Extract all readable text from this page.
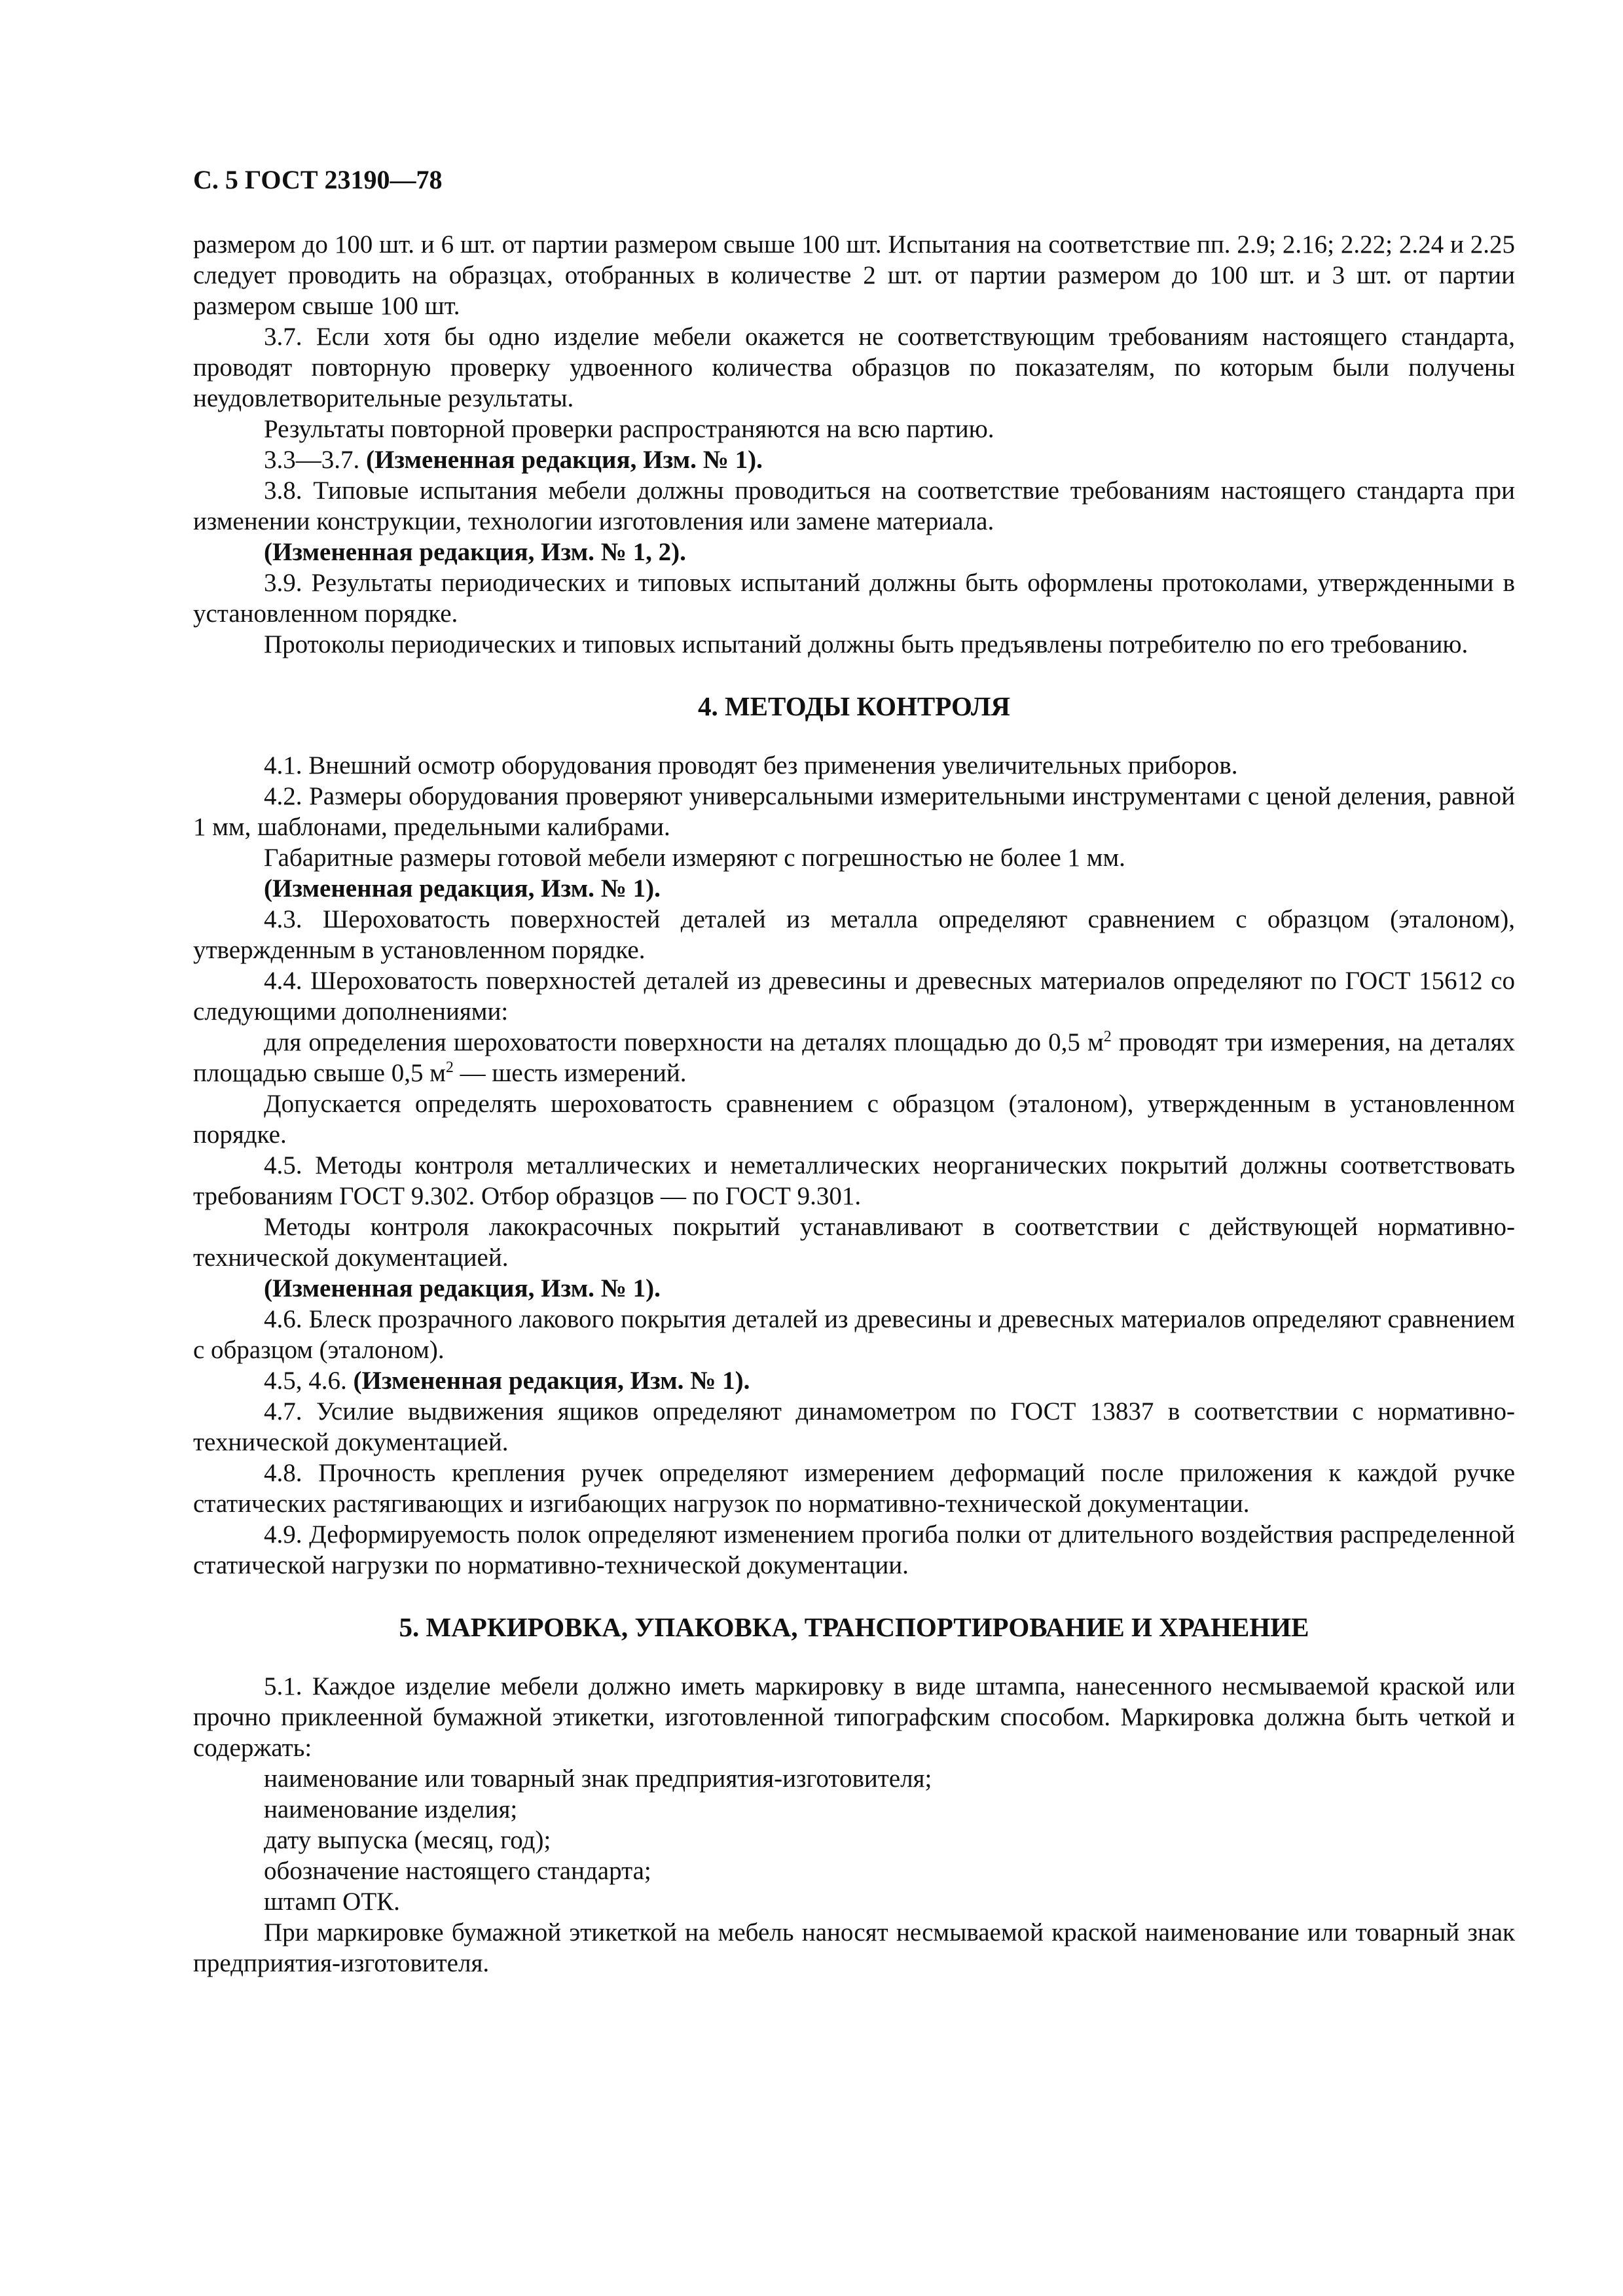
С. 5 ГОСТ 23190—78

размером до 100 шт. и 6 шт. от партии размером свыше 100 шт. Испытания на соответствие пп. 2.9; 2.16; 2.22; 2.24 и 2.25 следует проводить на образцах, отобранных в количестве 2 шт. от партии размером до 100 шт. и 3 шт. от партии размером свыше 100 шт.

3.7. Если хотя бы одно изделие мебели окажется не соответствующим требованиям настоящего стандарта, проводят повторную проверку удвоенного количества образцов по показателям, по которым были получены неудовлетворительные результаты.

Результаты повторной проверки распространяются на всю партию.

3.3—3.7. (Измененная редакция, Изм. № 1).

3.8. Типовые испытания мебели должны проводиться на соответствие требованиям настоящего стандарта при изменении конструкции, технологии изготовления или замене материала.

(Измененная редакция, Изм. № 1, 2).

3.9. Результаты периодических и типовых испытаний должны быть оформлены протоколами, утвержденными в установленном порядке.

Протоколы периодических и типовых испытаний должны быть предъявлены потребителю по его требованию.

4. МЕТОДЫ КОНТРОЛЯ

4.1. Внешний осмотр оборудования проводят без применения увеличительных приборов.

4.2. Размеры оборудования проверяют универсальными измерительными инструментами с ценой деления, равной 1 мм, шаблонами, предельными калибрами.

Габаритные размеры готовой мебели измеряют с погрешностью не более 1 мм.

(Измененная редакция, Изм. № 1).

4.3. Шероховатость поверхностей деталей из металла определяют сравнением с образцом (эталоном), утвержденным в установленном порядке.

4.4. Шероховатость поверхностей деталей из древесины и древесных материалов определяют по ГОСТ 15612 со следующими дополнениями:

для определения шероховатости поверхности на деталях площадью до 0,5 $м^2$ проводят три измерения, на деталях площадью свыше 0,5 $м^2$ — шесть измерений.

Допускается определять шероховатость сравнением с образцом (эталоном), утвержденным в установленном порядке.

4.5. Методы контроля металлических и неметаллических неорганических покрытий должны соответствовать требованиям ГОСТ 9.302. Отбор образцов — по ГОСТ 9.301.

Методы контроля лакокрасочных покрытий устанавливают в соответствии с действующей нормативно-технической документацией.

(Измененная редакция, Изм. № 1).

4.6. Блеск прозрачного лакового покрытия деталей из древесины и древесных материалов определяют сравнением с образцом (эталоном).

4.5, 4.6. (Измененная редакция, Изм. № 1).

4.7. Усилие выдвижения ящиков определяют динамометром по ГОСТ 13837 в соответствии с нормативно-технической документацией.

4.8. Прочность крепления ручек определяют измерением деформаций после приложения к каждой ручке статических растягивающих и изгибающих нагрузок по нормативно-технической документации.

4.9. Деформируемость полок определяют изменением прогиба полки от длительного воздействия распределенной статической нагрузки по нормативно-технической документации.

5. МАРКИРОВКА, УПАКОВКА, ТРАНСПОРТИРОВАНИЕ И ХРАНЕНИЕ

5.1. Каждое изделие мебели должно иметь маркировку в виде штампа, нанесенного несмываемой краской или прочно приклеенной бумажной этикетки, изготовленной типографским способом. Маркировка должна быть четкой и содержать:

наименование или товарный знак предприятия-изготовителя;

наименование изделия;

дату выпуска (месяц, год);

обозначение настоящего стандарта;

штамп ОТК.

При маркировке бумажной этикеткой на мебель наносят несмываемой краской наименование или товарный знак предприятия-изготовителя.
